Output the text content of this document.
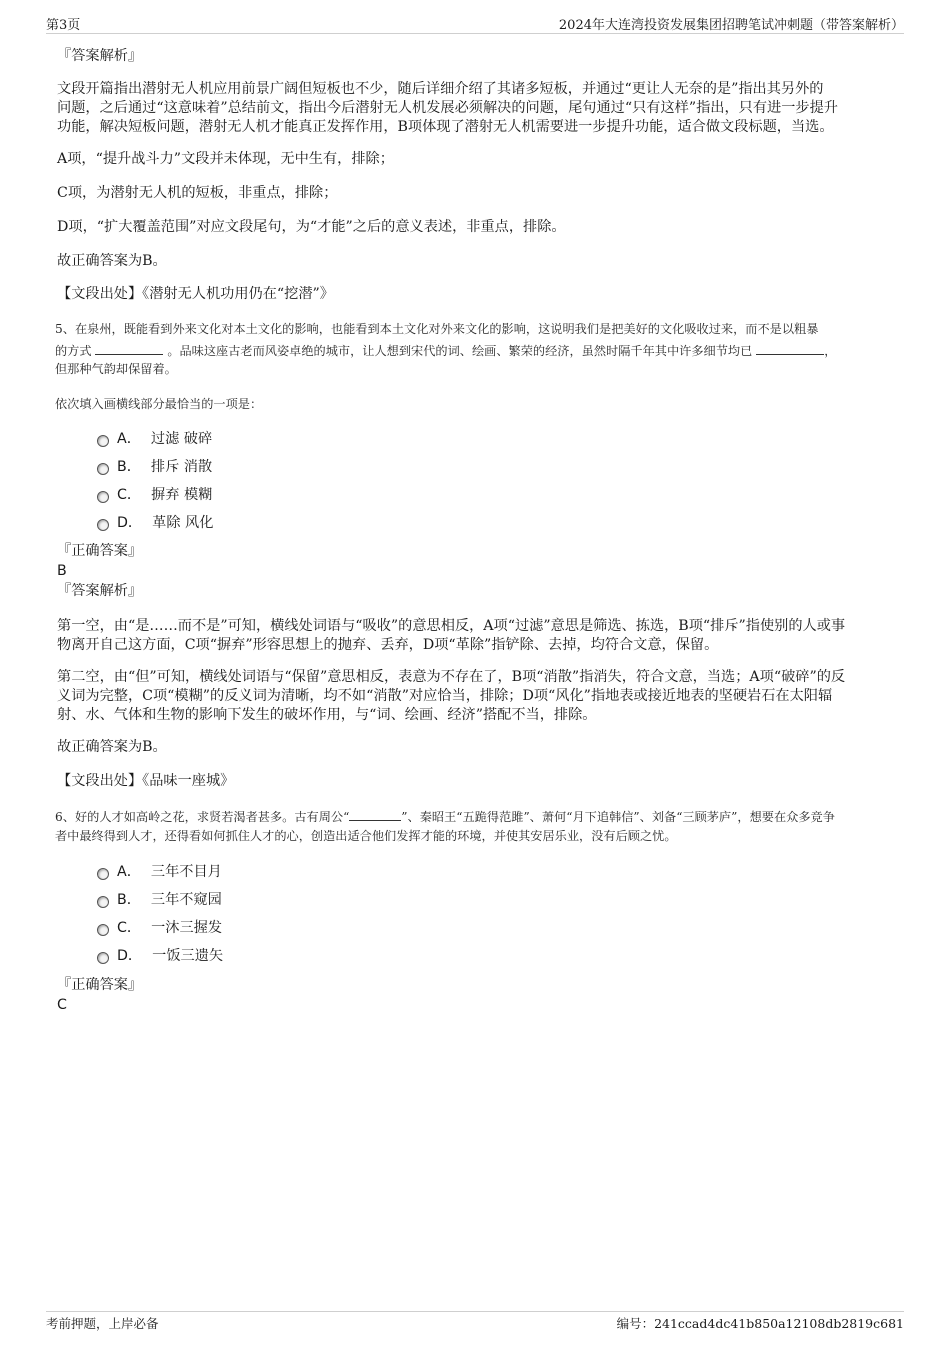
第3页	2024年大连湾投资发展集团招聘笔试冲刺题（带答案解析）
『答案解析』
文段开篇指出潜射无人机应用前景广阔但短板也不少，随后详细介绍了其诸多短板，并通过“更让人无奈的是”指出其另外的
问题，之后通过“这意味着”总结前文，指出今后潜射无人机发展必须解决的问题，尾句通过“只有这样”指出，只有进一步提升
功能，解决短板问题，潜射无人机才能真正发挥作用，B项体现了潜射无人机需要进一步提升功能，适合做文段标题，当选。
A项，“提升战斗力”文段并未体现，无中生有，排除；
C项，为潜射无人机的短板，非重点，排除；
D项，“扩大覆盖范围”对应文段尾句，为“才能”之后的意义表述，非重点，排除。
故正确答案为B。
【文段出处】《潜射无人机功用仍在“挖潜”》
5、在泉州，既能看到外来文化对本土文化的影响，也能看到本土文化对外来文化的影响，这说明我们是把美好的文化吸收过来，而不是以粗暴
的方式	。品味这座古老而风姿卓绝的城市，让人想到宋代的词、绘画、繁荣的经济，虽然时隔千年其中许多细节均已	，
但那种气韵却保留着。
依次填入画横线部分最恰当的一项是：
A． 过滤 破碎
B． 排斥 消散
C． 摒弃 模糊
D． 革除 风化
『正确答案』
B
『答案解析』
第一空，由“是……而不是”可知，横线处词语与“吸收”的意思相反，A项“过滤”意思是筛选、拣选，B项“排斥”指使别的人或事
物离开自己这方面，C项“摒弃”形容思想上的抛弃、丢弃，D项“革除”指铲除、去掉，均符合文意，保留。
第二空，由“但”可知，横线处词语与“保留”意思相反，表意为不存在了，B项“消散”指消失，符合文意，当选；A项“破碎”的反
义词为完整，C项“模糊”的反义词为清晰，均不如“消散”对应恰当，排除；D项“风化”指地表或接近地表的坚硬岩石在太阳辐
射、水、气体和生物的影响下发生的破坏作用，与“词、绘画、经济”搭配不当，排除。
故正确答案为B。
【文段出处】《品味一座城》
6、好的人才如高岭之花，求贤若渴者甚多。古有周公“	”、秦昭王“五跪得范雎”、萧何“月下追韩信”、刘备“三顾茅庐”，想要在众多竞争
者中最终得到人才，还得看如何抓住人才的心，创造出适合他们发挥才能的环境，并使其安居乐业，没有后顾之忧。
A． 三年不目月
B． 三年不窥园
C． 一沐三握发
D． 一饭三遗矢
『正确答案』
C
考前押题，上岸必备	编号：241ccad4dc41b850a12108db2819c681
